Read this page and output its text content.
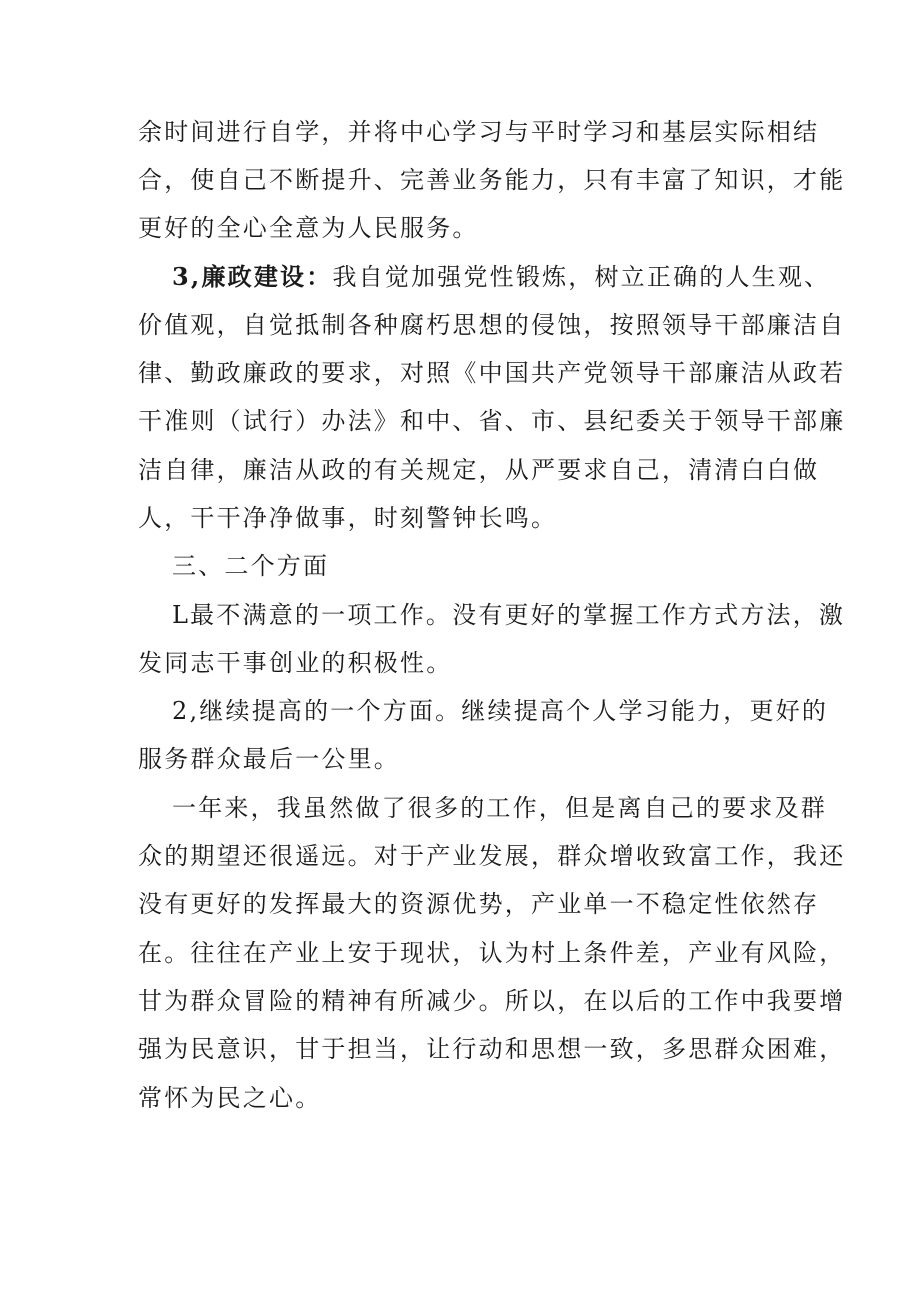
余时间进行自学，并将中心学习与平时学习和基层实际相结
合，使自己不断提升、完善业务能力，只有丰富了知识，才能
更好的全心全意为人民服务。
3,廉政建设：我自觉加强党性锻炼，树立正确的人生观、
价值观，自觉抵制各种腐朽思想的侵蚀，按照领导干部廉洁自
律、勤政廉政的要求，对照《中国共产党领导干部廉洁从政若
干准则（试行）办法》和中、省、市、县纪委关于领导干部廉
洁自律，廉洁从政的有关规定，从严要求自己，清清白白做
人，干干净净做事，时刻警钟长鸣。
三、二个方面
L最不满意的一项工作。没有更好的掌握工作方式方法，激
发同志干事创业的积极性。
2,继续提高的一个方面。继续提高个人学习能力，更好的
服务群众最后一公里。
一年来，我虽然做了很多的工作，但是离自己的要求及群
众的期望还很遥远。对于产业发展，群众增收致富工作，我还
没有更好的发挥最大的资源优势，产业单一不稳定性依然存
在。往往在产业上安于现状，认为村上条件差，产业有风险，
甘为群众冒险的精神有所减少。所以，在以后的工作中我要增
强为民意识，甘于担当，让行动和思想一致，多思群众困难，
常怀为民之心。
